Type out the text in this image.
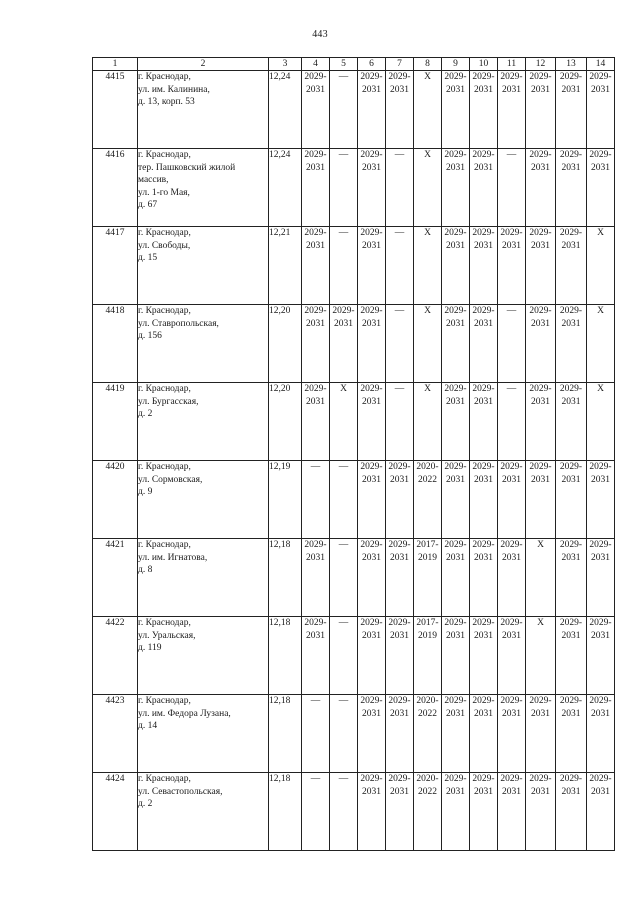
443
1	2	3	4	5	6	7	8	9	10	11	12	13	14
4415	г. Краснодар,
ул. им. Калинина,
д. 13, корп. 53	12,24	2029-
2031	—	2029-
2031	2029-
2031	X	2029-
2031	2029-
2031	2029-
2031	2029-
2031	2029-
2031	2029-
2031

4416	г. Краснодар,
тер. Пашковский жилой
массив,
ул. 1-го Мая,
д. 67	12,24	2029-
2031	—	2029-
2031	—	X	2029-
2031	2029-
2031	—	2029-
2031	2029-
2031	2029-
2031

4417	г. Краснодар,
ул. Свободы,
д. 15	12,21	2029-
2031	—	2029-
2031	—	X	2029-
2031	2029-
2031	2029-
2031	2029-
2031	2029-
2031	X

4418	г. Краснодар,
ул. Ставропольская,
д. 156	12,20	2029-
2031	2029-
2031	2029-
2031	—	X	2029-
2031	2029-
2031	—	2029-
2031	2029-
2031	X

4419	г. Краснодар,
ул. Бургасская,
д. 2	12,20	2029-
2031	X	2029-
2031	—	X	2029-
2031	2029-
2031	—	2029-
2031	2029-
2031	X

4420	г. Краснодар,
ул. Сормовская,
д. 9	12,19	—	—	2029-
2031	2029-
2031	2020-
2022	2029-
2031	2029-
2031	2029-
2031	2029-
2031	2029-
2031	2029-
2031

4421	г. Краснодар,
ул. им. Игнатова,
д. 8	12,18	2029-
2031	—	2029-
2031	2029-
2031	2017-
2019	2029-
2031	2029-
2031	2029-
2031	X	2029-
2031	2029-
2031

4422	г. Краснодар,
ул. Уральская,
д. 119	12,18	2029-
2031	—	2029-
2031	2029-
2031	2017-
2019	2029-
2031	2029-
2031	2029-
2031	X	2029-
2031	2029-
2031

4423	г. Краснодар,
ул. им. Федора Лузана,
д. 14	12,18	—	—	2029-
2031	2029-
2031	2020-
2022	2029-
2031	2029-
2031	2029-
2031	2029-
2031	2029-
2031	2029-
2031

4424	г. Краснодар,
ул. Севастопольская,
д. 2	12,18	—	—	2029-
2031	2029-
2031	2020-
2022	2029-
2031	2029-
2031	2029-
2031	2029-
2031	2029-
2031	2029-
2031
